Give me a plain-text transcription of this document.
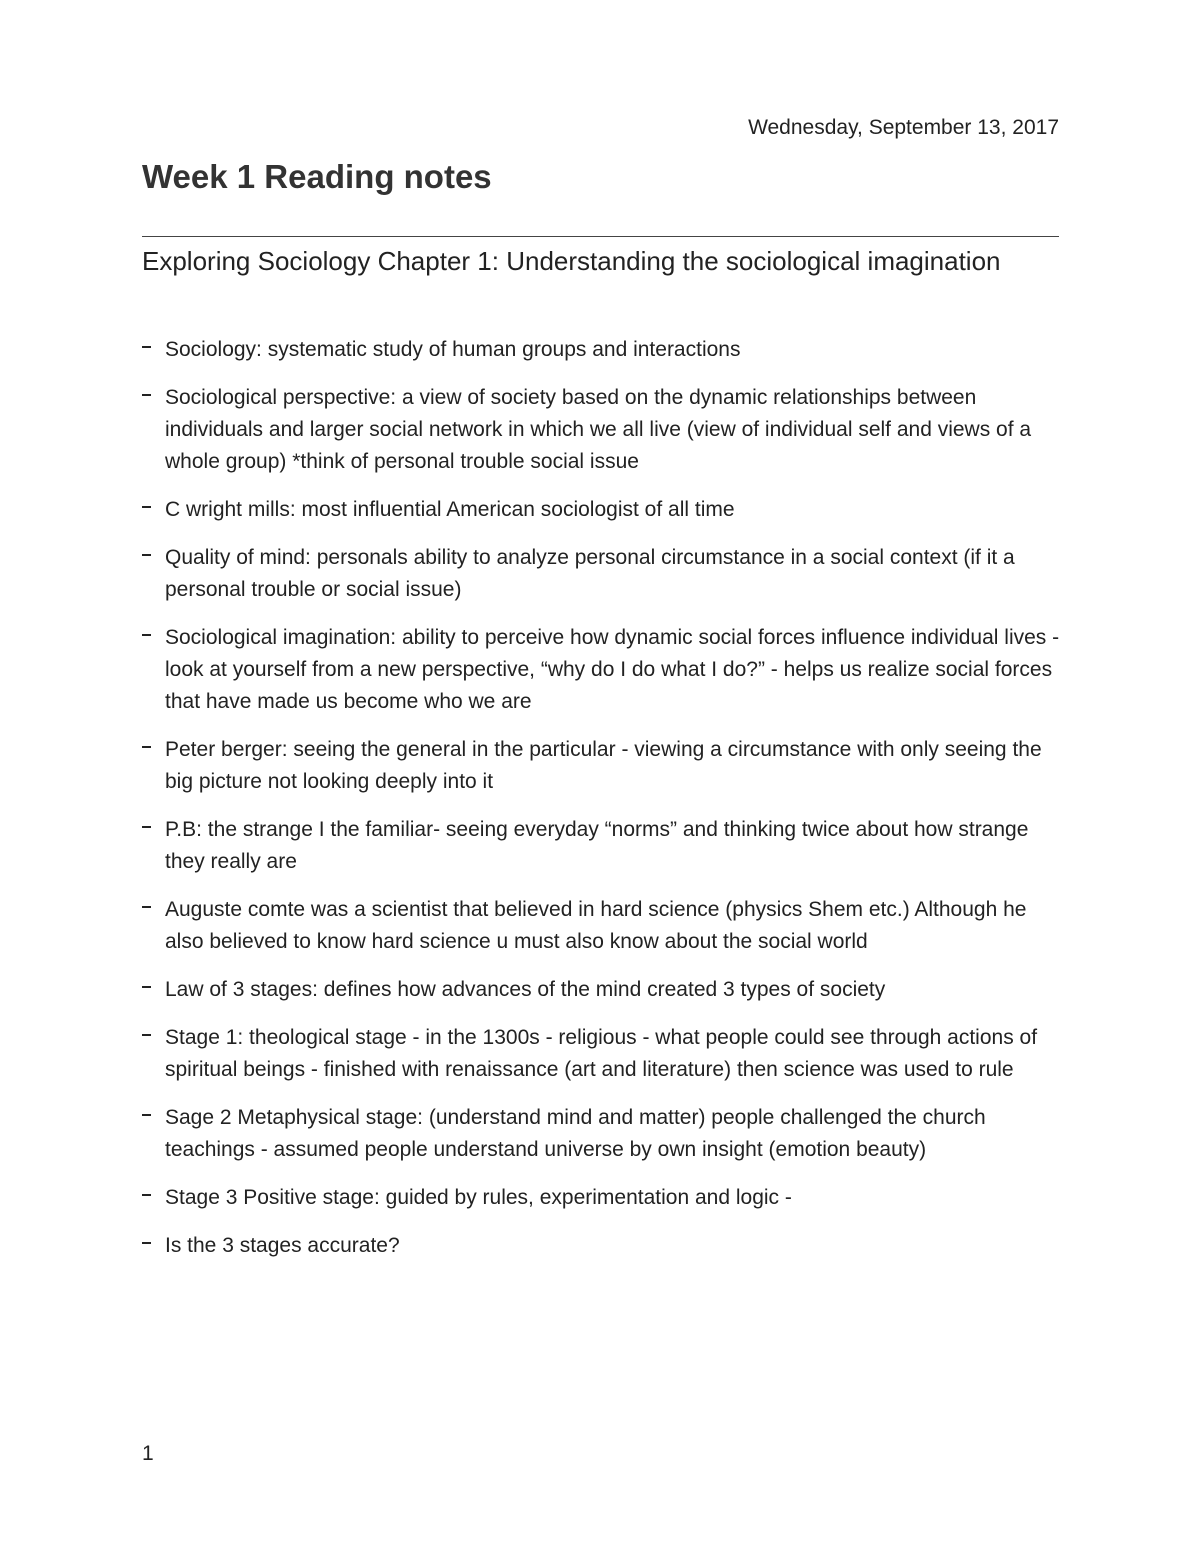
Wednesday, September 13, 2017
Week 1 Reading notes
Exploring Sociology Chapter 1: Understanding the sociological imagination
Sociology: systematic study of human groups and interactions
Sociological perspective: a view of society based on the dynamic relationships between individuals and larger social network in which we all live (view of individual self and views of a whole group) *think of personal trouble social issue
C wright mills: most influential American sociologist of all time
Quality of mind: personals ability to analyze personal circumstance in a social context (if it a personal trouble or social issue)
Sociological imagination: ability to perceive how dynamic social forces influence individual lives -look at yourself from a new perspective, “why do I do what I do?” - helps us realize social forces that have made us become who we are
Peter berger: seeing the general in the particular - viewing a circumstance with only seeing the big picture not looking deeply into it
P.B: the strange I the familiar- seeing everyday “norms” and thinking twice about how strange they really are
Auguste comte was a scientist that believed in hard science (physics Shem etc.) Although he also believed to know hard science u must also know about the social world
Law of 3 stages: defines how advances of the mind created 3 types of society
Stage 1: theological stage - in the 1300s - religious - what people could see through actions of spiritual beings - finished with renaissance (art and literature) then science was used to rule
Sage 2 Metaphysical stage: (understand mind and matter) people challenged the church teachings - assumed people understand universe by own insight (emotion beauty)
Stage 3 Positive stage: guided by rules, experimentation and logic -
Is the 3 stages accurate?
1
